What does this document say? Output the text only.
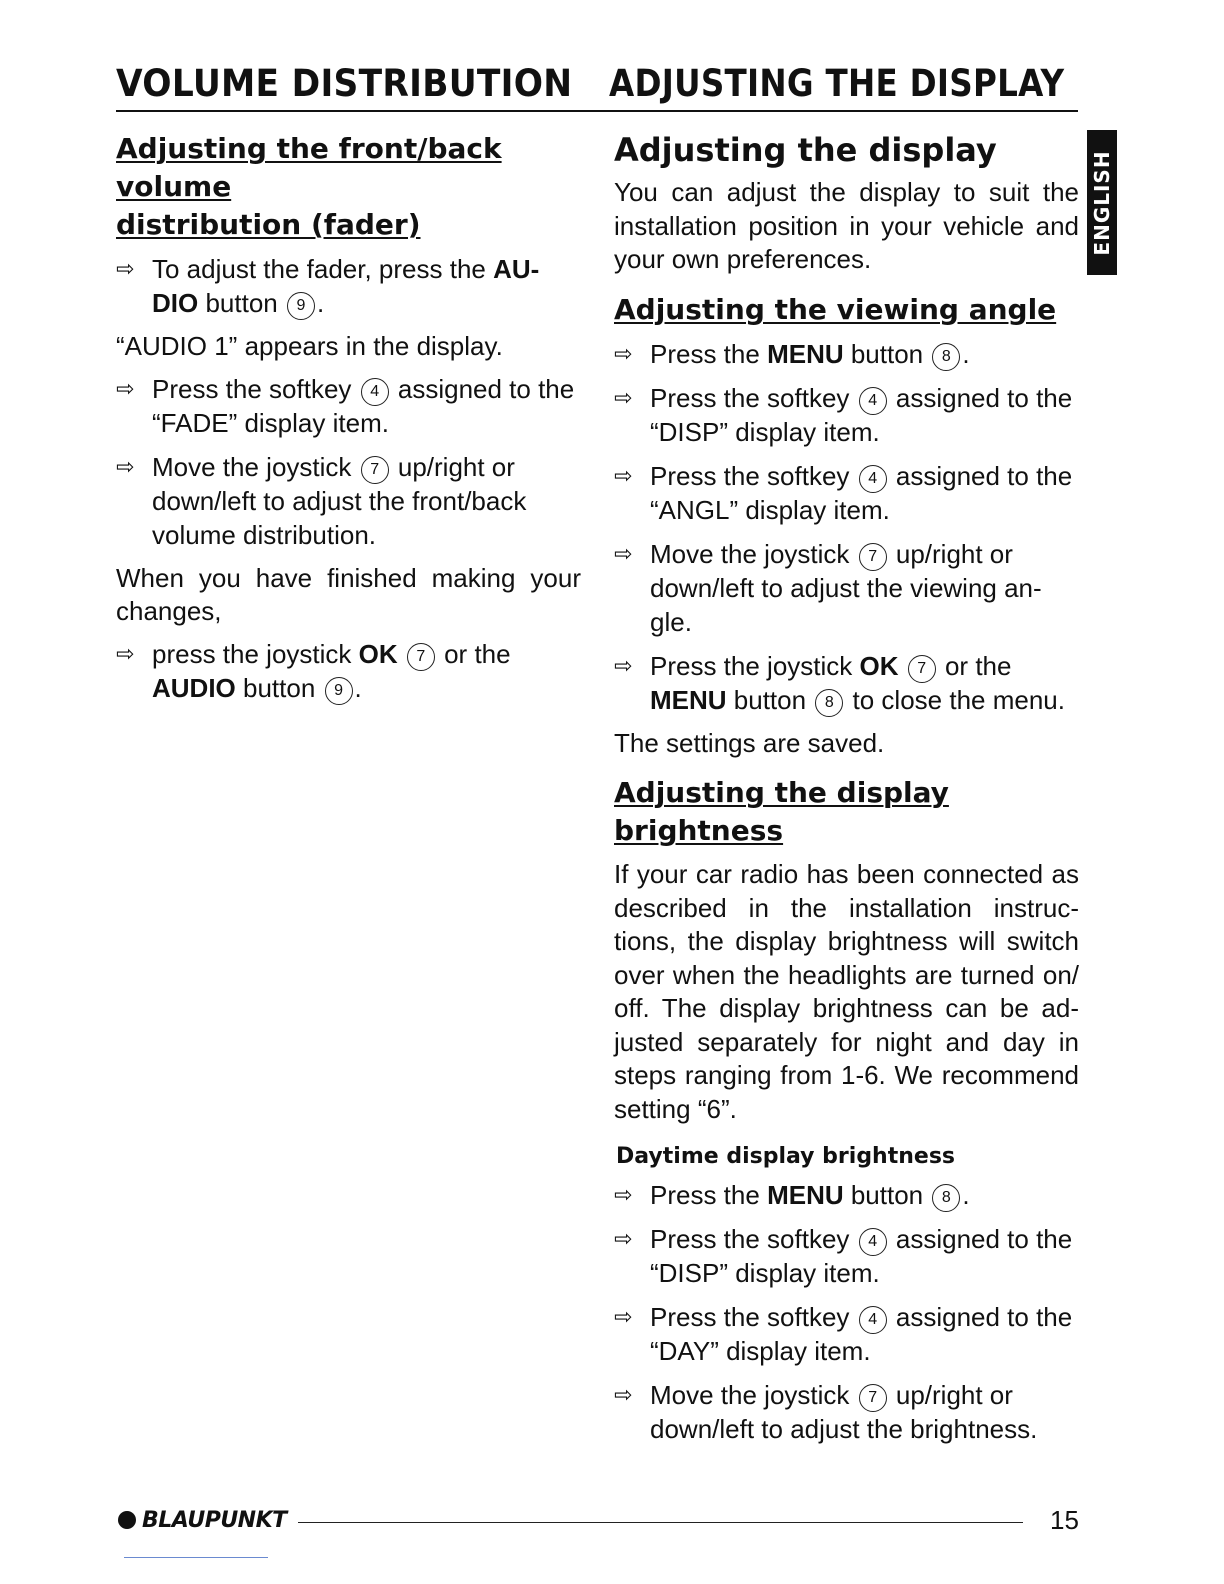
VOLUME DISTRIBUTION ADJUSTING THE DISPLAY
ENGLISH
Adjusting the front/back volume
distribution (fader)
⇨ To adjust the fader, press the AU-
DIO button 9 .
“AUDIO 1” appears in the display.
⇨ Press the softkey 4 assigned to the “FADE” display item.
⇨ Move the joystick 7 up/right or down/left to adjust the front/back volume distribution.
When you have finished making your changes,
⇨ press the joystick OK 7 or the
AUDIO button 9 .
Adjusting the display
You can adjust the display to suit the installation position in your vehicle and your own preferences.
Adjusting the viewing angle
⇨ Press the MENU button 8 .
⇨ Press the softkey 4 assigned to the “DISP” display item.
⇨ Press the softkey 4 assigned to the “ANGL” display item.
⇨ Move the joystick 7 up/right or down/left to adjust the viewing an-gle.
⇨ Press the joystick OK 7 or the
MENU button 8 to close the menu.
The settings are saved.
Adjusting the display brightness
If your car radio has been connected as described in the installation instruc-tions, the display brightness will switch over when the headlights are turned on/ off. The display brightness can be ad-justed separately for night and day in steps ranging from 1-6. We recommend setting “6”.
Daytime display brightness
⇨ Press the MENU button 8 .
⇨ Press the softkey 4 assigned to the “DISP” display item.
⇨ Press the softkey 4 assigned to the “DAY” display item.
⇨ Move the joystick 7 up/right or down/left to adjust the brightness.
BLAUPUNKT	15
